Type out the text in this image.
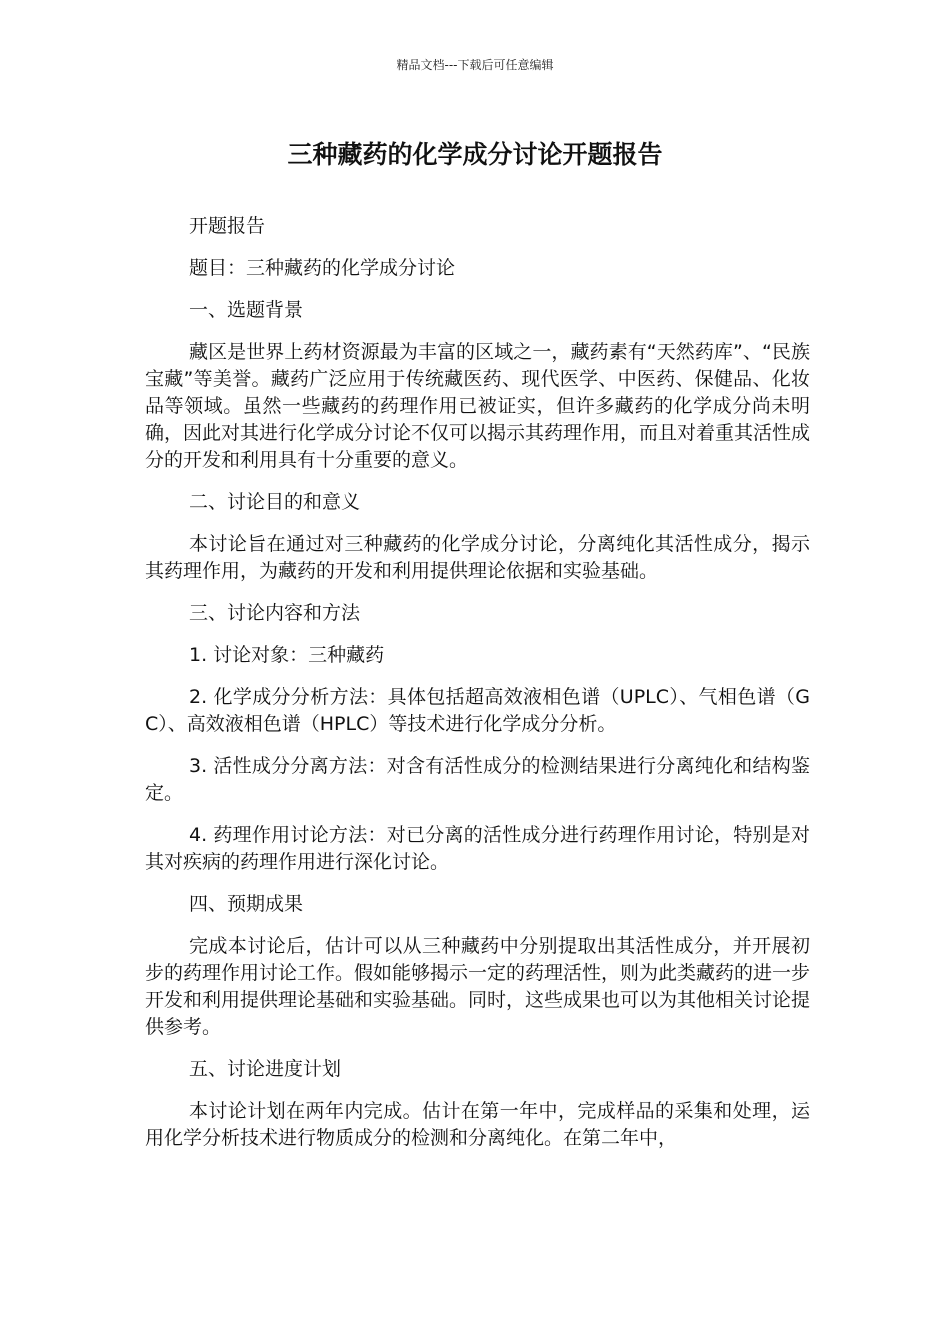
精品文档---下载后可任意编辑
三种藏药的化学成分讨论开题报告

开题报告

题目：三种藏药的化学成分讨论

一、选题背景

藏区是世界上药材资源最为丰富的区域之一，藏药素有“天然药库”、“民族宝藏”等美誉。藏药广泛应用于传统藏医药、现代医学、中医药、保健品、化妆品等领域。虽然一些藏药的药理作用已被证实，但许多藏药的化学成分尚未明确，因此对其进行化学成分讨论不仅可以揭示其药理作用，而且对着重其活性成分的开发和利用具有十分重要的意义。

二、讨论目的和意义

本讨论旨在通过对三种藏药的化学成分讨论，分离纯化其活性成分，揭示其药理作用，为藏药的开发和利用提供理论依据和实验基础。

三、讨论内容和方法

1. 讨论对象：三种藏药

2. 化学成分分析方法：具体包括超高效液相色谱（UPLC）、气相色谱（GC）、高效液相色谱（HPLC）等技术进行化学成分分析。

3. 活性成分分离方法：对含有活性成分的检测结果进行分离纯化和结构鉴定。

4. 药理作用讨论方法：对已分离的活性成分进行药理作用讨论，特别是对其对疾病的药理作用进行深化讨论。

四、预期成果

完成本讨论后，估计可以从三种藏药中分别提取出其活性成分，并开展初步的药理作用讨论工作。假如能够揭示一定的药理活性，则为此类藏药的进一步开发和利用提供理论基础和实验基础。同时，这些成果也可以为其他相关讨论提供参考。

五、讨论进度计划

本讨论计划在两年内完成。估计在第一年中，完成样品的采集和处理，运用化学分析技术进行物质成分的检测和分离纯化。在第二年中，
